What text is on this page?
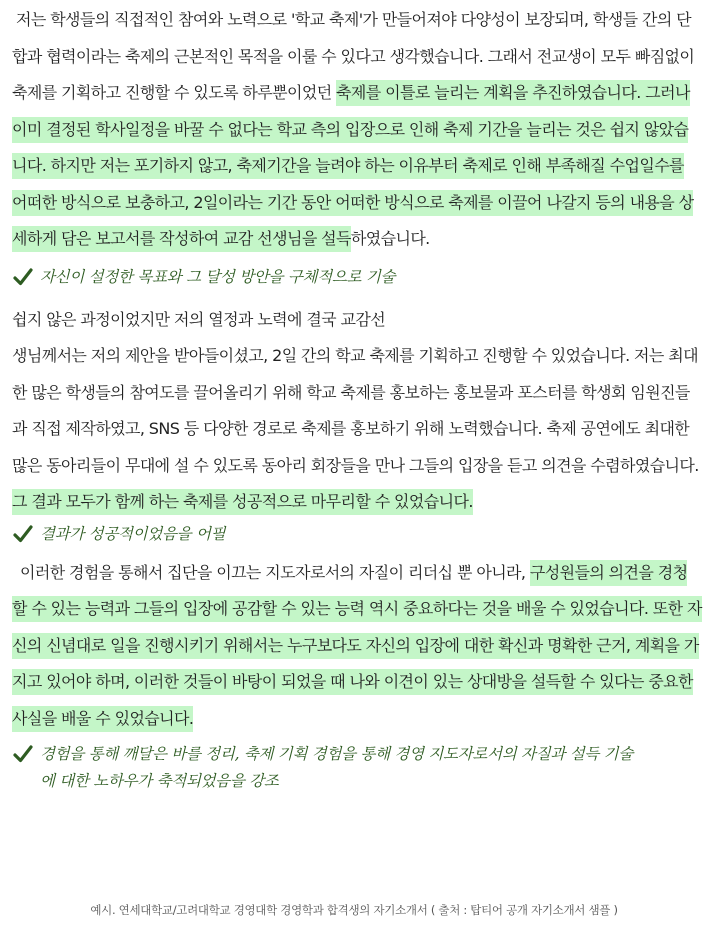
저는 학생들의 직접적인 참여와 노력으로 '학교 축제'가 만들어져야 다양성이 보장되며, 학생들 간의 단합과 협력이라는 축제의 근본적인 목적을 이룰 수 있다고 생각했습니다. 그래서 전교생이 모두 빠짐없이 축제를 기획하고 진행할 수 있도록 하루뿐이었던 축제를 이틀로 늘리는 계획을 추진하였습니다. 그러나 이미 결정된 학사일정을 바꿀 수 없다는 학교 측의 입장으로 인해 축제 기간을 늘리는 것은 쉽지 않았습니다. 하지만 저는 포기하지 않고, 축제기간을 늘려야 하는 이유부터 축제로 인해 부족해질 수업일수를 어떠한 방식으로 보충하고, 2일이라는 기간 동안 어떠한 방식으로 축제를 이끌어 나갈지 등의 내용을 상세하게 담은 보고서를 작성하여 교감 선생님을 설득하였습니다.

자신이 설정한 목표와 그 달성 방안을 구체적으로 기술

쉽지 않은 과정이었지만 저의 열정과 노력에 결국 교감선
생님께서는 저의 제안을 받아들이셨고, 2일 간의 학교 축제를 기획하고 진행할 수 있었습니다. 저는 최대한 많은 학생들의 참여도를 끌어올리기 위해 학교 축제를 홍보하는 홍보물과 포스터를 학생회 임원진들과 직접 제작하였고, SNS 등 다양한 경로로 축제를 홍보하기 위해 노력했습니다. 축제 공연에도 최대한 많은 동아리들이 무대에 설 수 있도록 동아리 회장들을 만나 그들의 입장을 듣고 의견을 수렴하였습니다. 그 결과 모두가 함께 하는 축제를 성공적으로 마무리할 수 있었습니다.

결과가 성공적이었음을 어필

이러한 경험을 통해서 집단을 이끄는 지도자로서의 자질이 리더십 뿐 아니라, 구성원들의 의견을 경청할 수 있는 능력과 그들의 입장에 공감할 수 있는 능력 역시 중요하다는 것을 배울 수 있었습니다. 또한 자신의 신념대로 일을 진행시키기 위해서는 누구보다도 자신의 입장에 대한 확신과 명확한 근거, 계획을 가지고 있어야 하며, 이러한 것들이 바탕이 되었을 때 나와 이견이 있는 상대방을 설득할 수 있다는 중요한 사실을 배울 수 있었습니다.

경험을 통해 깨달은 바를 정리, 축제 기획 경험을 통해 경영 지도자로서의 자질과 설득 기술
에 대한 노하우가 축적되었음을 강조
예시. 연세대학교/고려대학교 경영대학 경영학과 합격생의 자기소개서 ( 출처 : 탑티어 공개 자기소개서 샘플 )
